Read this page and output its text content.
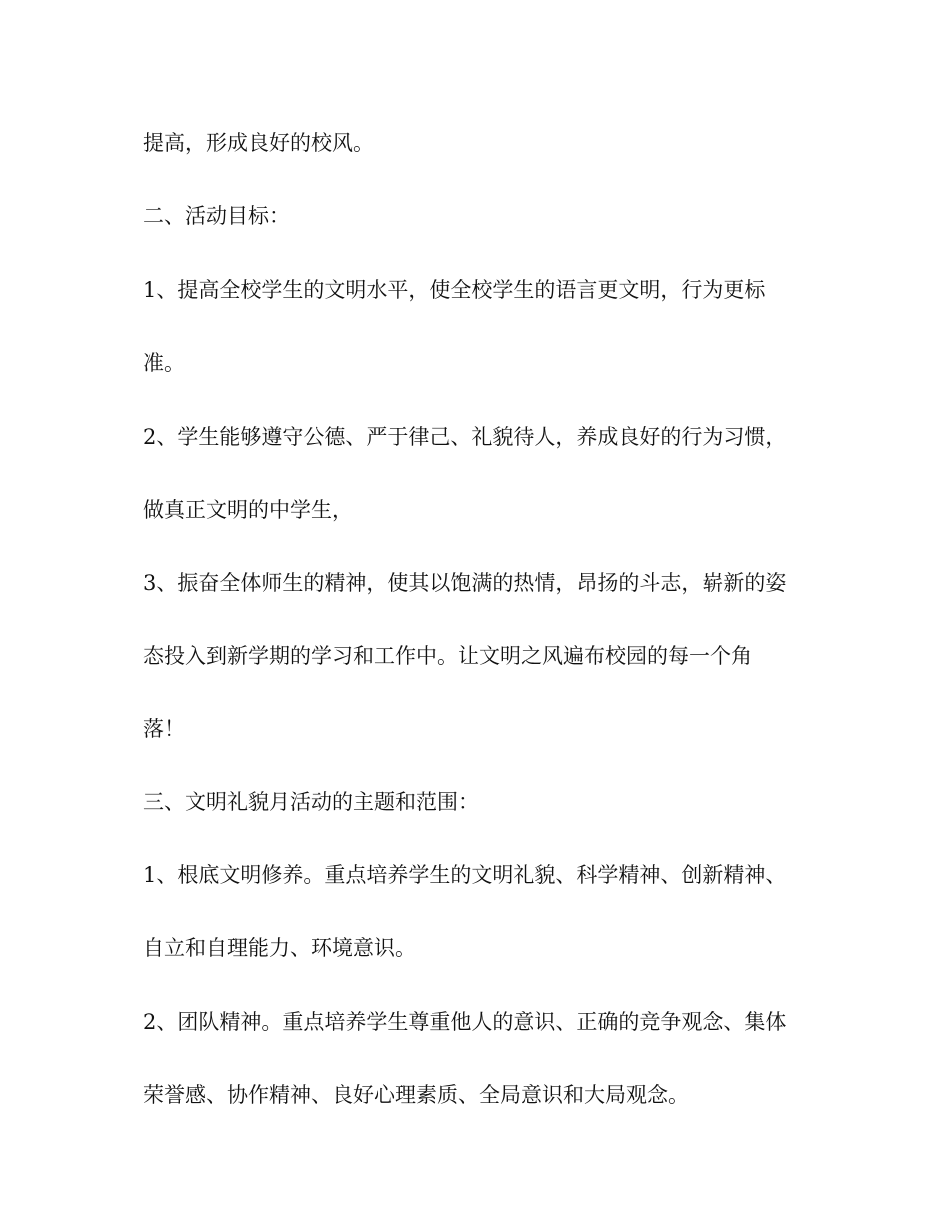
提高，形成良好的校风。

二、活动目标：

1、提高全校学生的文明水平，使全校学生的语言更文明，行为更标

准。

2、学生能够遵守公德、严于律己、礼貌待人，养成良好的行为习惯，

做真正文明的中学生，

3、振奋全体师生的精神，使其以饱满的热情，昂扬的斗志，崭新的姿

态投入到新学期的学习和工作中。让文明之风遍布校园的每一个角

落！

三、文明礼貌月活动的主题和范围：

1、根底文明修养。重点培养学生的文明礼貌、科学精神、创新精神、

自立和自理能力、环境意识。

2、团队精神。重点培养学生尊重他人的意识、正确的竞争观念、集体

荣誉感、协作精神、良好心理素质、全局意识和大局观念。
